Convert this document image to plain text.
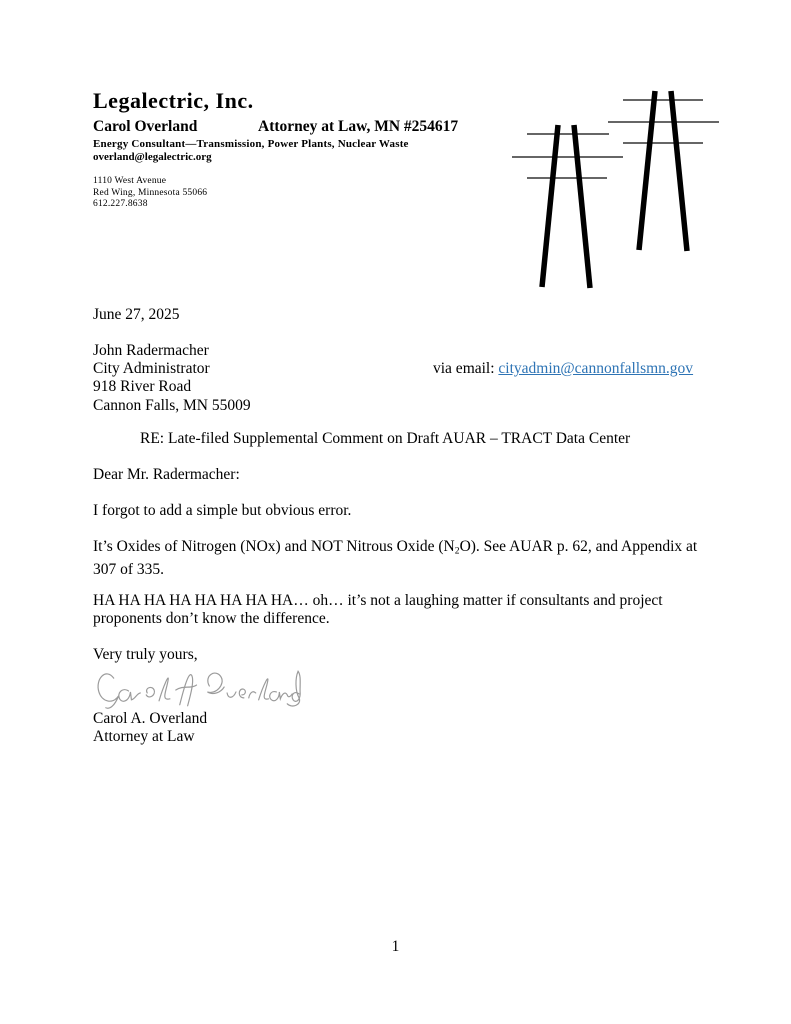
Legalectric, Inc.
Carol Overland	Attorney at Law, MN #254617
Energy Consultant—Transmission, Power Plants, Nuclear Waste
overland@legalectric.org
1110 West Avenue
Red Wing, Minnesota 55066
612.227.8638
June 27, 2025
John Radermacher
City Administrator
918 River Road
Cannon Falls, MN 55009
via email: cityadmin@cannonfallsmn.gov
RE: Late-filed Supplemental Comment on Draft AUAR – TRACT Data Center
Dear Mr. Radermacher:
I forgot to add a simple but obvious error.
It’s Oxides of Nitrogen (NOx) and NOT Nitrous Oxide $(N_2O)$. See AUAR p. 62, and Appendix at 307 of 335.
HA HA HA HA HA HA HA HA… oh… it’s not a laughing matter if consultants and project proponents don’t know the difference.
Very truly yours,
Carol A. Overland
Attorney at Law
1
